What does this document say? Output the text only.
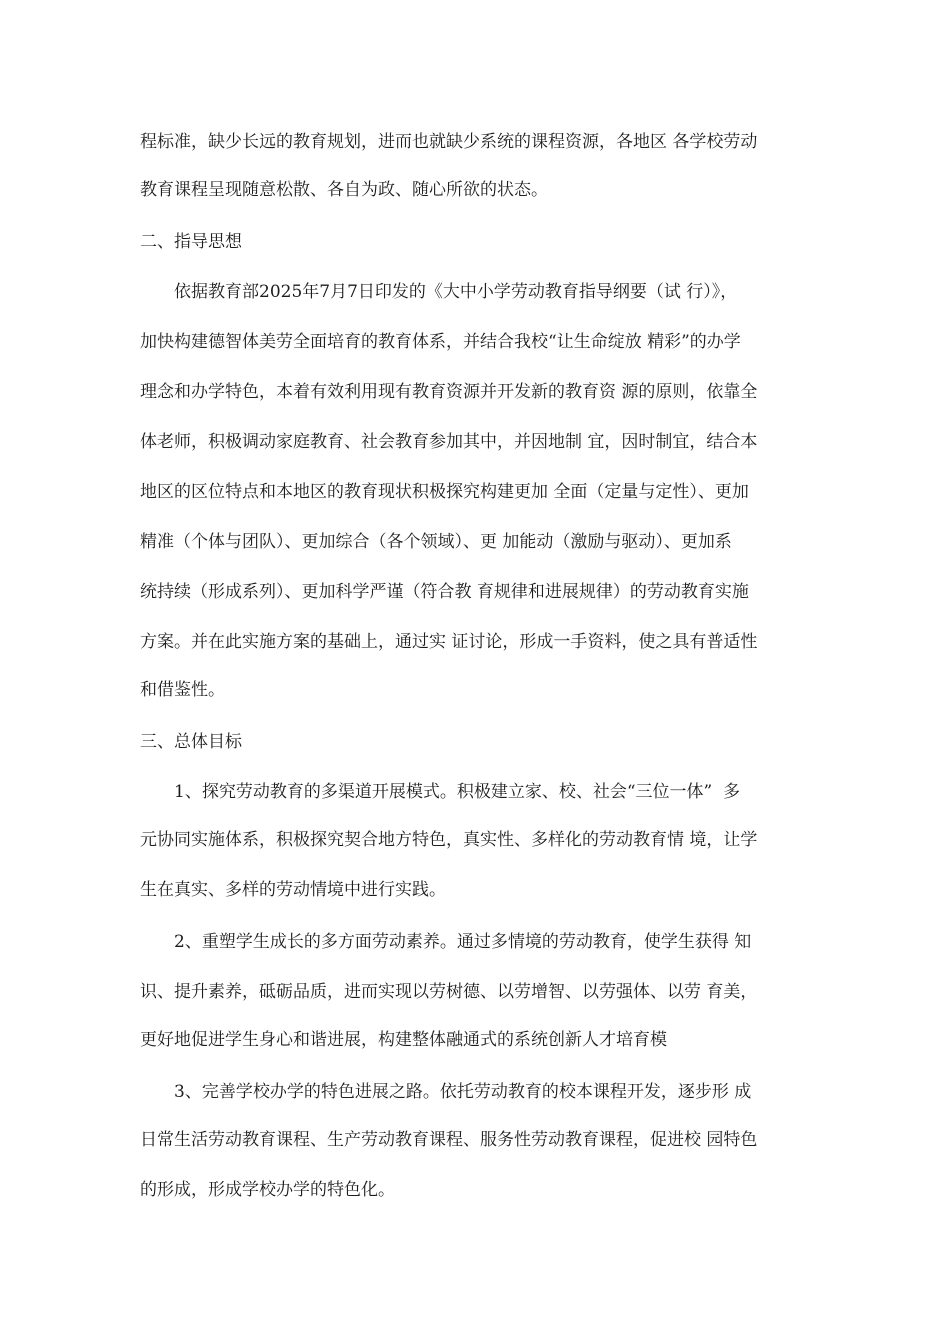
程标准，缺少长远的教育规划，进而也就缺少系统的课程资源，各地区 各学校劳动
教育课程呈现随意松散、各自为政、随心所欲的状态。
二、指导思想
依据教育部2025年7月7日印发的《大中小学劳动教育指导纲要（试 行）》，
加快构建德智体美劳全面培育的教育体系，并结合我校“让生命绽放 精彩”的办学
理念和办学特色，本着有效利用现有教育资源并开发新的教育资 源的原则，依靠全
体老师，积极调动家庭教育、社会教育参加其中，并因地制 宜，因时制宜，结合本
地区的区位特点和本地区的教育现状积极探究构建更加 全面（定量与定性）、更加
精准（个体与团队）、更加综合（各个领域）、更 加能动（激励与驱动）、更加系
统持续（形成系列）、更加科学严谨（符合教 育规律和进展规律）的劳动教育实施
方案。并在此实施方案的基础上，通过实 证讨论，形成一手资料，使之具有普适性
和借鉴性。
三、总体目标
1、探究劳动教育的多渠道开展模式。积极建立家、校、社会“三位一体”  多
元协同实施体系，积极探究契合地方特色，真实性、多样化的劳动教育情 境，让学
生在真实、多样的劳动情境中进行实践。
2、重塑学生成长的多方面劳动素养。通过多情境的劳动教育，使学生获得 知
识、提升素养，砥砺品质，进而实现以劳树德、以劳增智、以劳强体、以劳 育美，
更好地促进学生身心和谐进展，构建整体融通式的系统创新人才培育模
3、完善学校办学的特色进展之路。依托劳动教育的校本课程开发，逐步形 成
日常生活劳动教育课程、生产劳动教育课程、服务性劳动教育课程，促进校 园特色
的形成，形成学校办学的特色化。
